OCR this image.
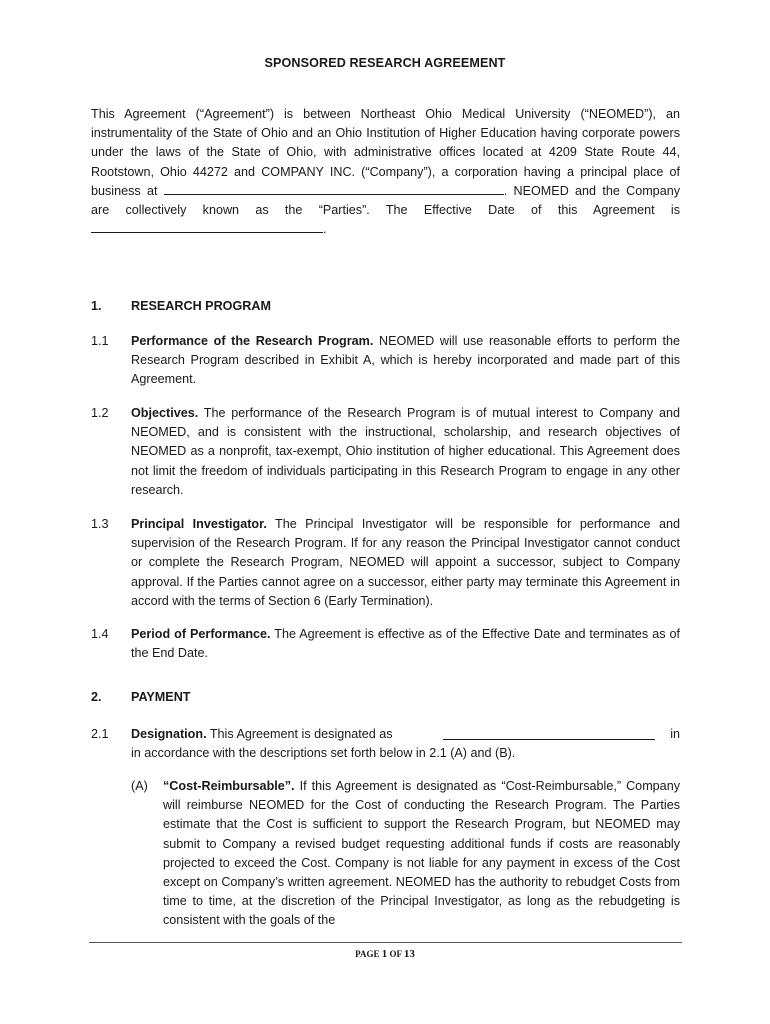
SPONSORED RESEARCH AGREEMENT

This Agreement (“Agreement”) is between Northeast Ohio Medical University (“NEOMED”), an instrumentality of the State of Ohio and an Ohio Institution of Higher Education having corporate powers under the laws of the State of Ohio, with administrative offices located at 4209 State Route 44, Rootstown, Ohio 44272 and COMPANY INC. (“Company”), a corporation having a principal place of business at	. NEOMED and the Company are collectively known as the “Parties”. The Effective Date of this Agreement is .

1. RESEARCH PROGRAM
1.1 Performance of the Research Program. NEOMED will use reasonable efforts to perform the Research Program described in Exhibit A, which is hereby incorporated and made part of this Agreement.
1.2 Objectives. The performance of the Research Program is of mutual interest to Company and NEOMED, and is consistent with the instructional, scholarship, and research objectives of NEOMED as a nonprofit, tax-exempt, Ohio institution of higher educational. This Agreement does not limit the freedom of individuals participating in this Research Program to engage in any other research.
1.3 Principal Investigator. The Principal Investigator will be responsible for performance and supervision of the Research Program. If for any reason the Principal Investigator cannot conduct or complete the Research Program, NEOMED will appoint a successor, subject to Company approval. If the Parties cannot agree on a successor, either party may terminate this Agreement in accord with the terms of Section 6 (Early Termination).
1.4 Period of Performance. The Agreement is effective as of the Effective Date and terminates as of the End Date.
2. PAYMENT
2.1 Designation. This Agreement is designated as	in
in accordance with the descriptions set forth below in 2.1 (A) and (B).
(A) “Cost-Reimbursable”. If this Agreement is designated as “Cost-Reimbursable,” Company will reimburse NEOMED for the Cost of conducting the Research Program. The Parties estimate that the Cost is sufficient to support the Research Program, but NEOMED may submit to Company a revised budget requesting additional funds if costs are reasonably projected to exceed the Cost. Company is not liable for any payment in excess of the Cost except on Company’s written agreement. NEOMED has the authority to rebudget Costs from time to time, at the discretion of the Principal Investigator, as long as the rebudgeting is consistent with the goals of the
PAGE 1 OF 13
